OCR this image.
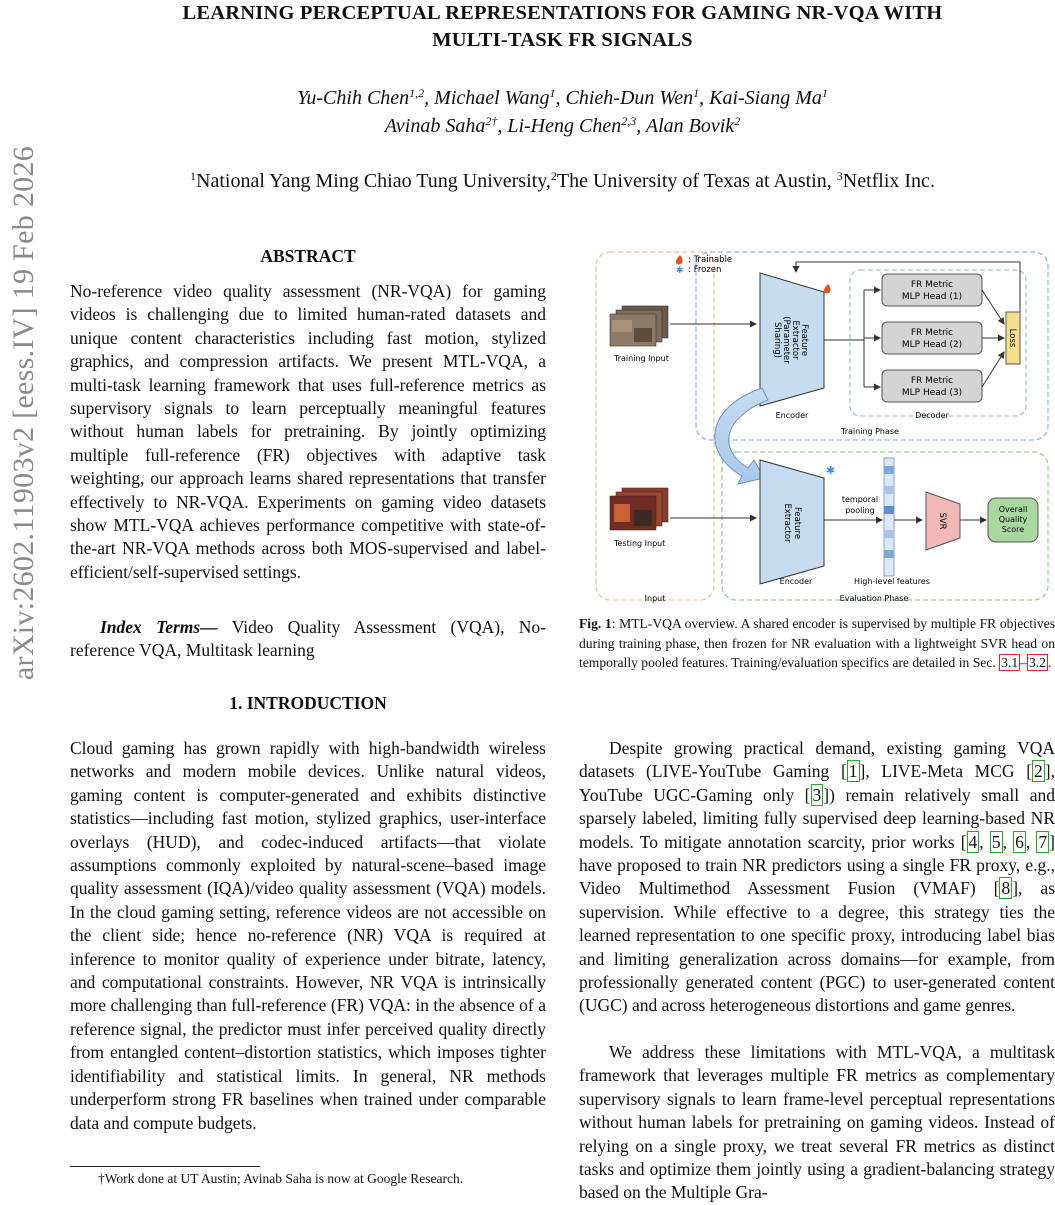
LEARNING PERCEPTUAL REPRESENTATIONS FOR GAMING NR-VQA WITH
MULTI-TASK FR SIGNALS
Yu-Chih Chen$^{1,2}$, Michael Wang$^1$, Chieh-Dun Wen$^1$, Kai-Siang Ma$^1$
Avinab Saha$^{2\dagger}$, Li-Heng Chen$^{2,3}$, Alan Bovik$^2$
$^1$National Yang Ming Chiao Tung University,$^2$The University of Texas at Austin, $^3$Netflix Inc.
arXiv:2602.11903v2 [eess.IV] 19 Feb 2026	ABSTRACT

No-reference video quality assessment (NR-VQA) for gaming videos is challenging due to limited human-rated datasets and unique content characteristics including fast motion, stylized graphics, and compression artifacts. We present MTL-VQA, a multi-task learning framework that uses full-reference metrics as supervisory signals to learn perceptually meaningful features without human labels for pretraining. By jointly optimizing multiple full-reference (FR) objectives with adaptive task weighting, our approach learns shared representations that transfer effectively to NR-VQA. Experiments on gaming video datasets show MTL-VQA achieves performance competitive with state-of-the-art NR-VQA methods across both MOS-supervised and label-efficient/self-supervised settings.

Index Terms— Video Quality Assessment (VQA), No-reference VQA, Multitask learning

1. INTRODUCTION

Cloud gaming has grown rapidly with high-bandwidth wireless networks and modern mobile devices. Unlike natural videos, gaming content is computer-generated and exhibits distinctive statistics—including fast motion, stylized graphics, user-interface overlays (HUD), and codec-induced artifacts—that violate assumptions commonly exploited by natural-scene–based image quality assessment (IQA)/video quality assessment (VQA) models. In the cloud gaming setting, reference videos are not accessible on the client side; hence no-reference (NR) VQA is required at inference to monitor quality of experience under bitrate, latency, and computational constraints. However, NR VQA is intrinsically more challenging than full-reference (FR) VQA: in the absence of a reference signal, the predictor must infer perceived quality directly from entangled content–distortion statistics, which imposes tighter identifiability and statistical limits. In general, NR methods underperform strong FR baselines when trained under comparable data and compute budgets.

†Work done at UT Austin; Avinab Saha is now at Google Research.
: Trainable
✱ : Frozen
Training Input
Testing Input
Feature
Extractor
(Parameter
Sharing)
Encoder
FR Metric
MLP Head (1)
FR Metric
MLP Head (2)
FR Metric
MLP Head (3)
Loss
Decoder
Training Phase
Feature
Extractor
✱
Encoder
temporal
pooling
High-level features
SVR
Overall
Quality
Score
Input	Evaluation Phase
Fig. 1: MTL-VQA overview. A shared encoder is supervised by multiple FR objectives during training phase, then frozen for NR evaluation with a lightweight SVR head on temporally pooled features. Training/evaluation specifics are detailed in Sec. 3.1 – 3.2 .

Despite growing practical demand, existing gaming VQA datasets (LIVE-YouTube Gaming [ 1 ], LIVE-Meta MCG [ 2 ], YouTube UGC-Gaming only [ 3 ]) remain relatively small and sparsely labeled, limiting fully supervised deep learning-based NR models. To mitigate annotation scarcity, prior works [ 4 , 5 , 6 , 7 ] have proposed to train NR predictors using a single FR proxy, e.g., Video Multimethod Assessment Fusion (VMAF) [ 8 ], as supervision. While effective to a degree, this strategy ties the learned representation to one specific proxy, introducing label bias and limiting generalization across domains—for example, from professionally generated content (PGC) to user-generated content (UGC) and across heterogeneous distortions and game genres.

We address these limitations with MTL-VQA, a multitask framework that leverages multiple FR metrics as complementary supervisory signals to learn frame-level perceptual representations without human labels for pretraining on gaming videos. Instead of relying on a single proxy, we treat several FR metrics as distinct tasks and optimize them jointly using a gradient-balancing strategy based on the Multiple Gra-
